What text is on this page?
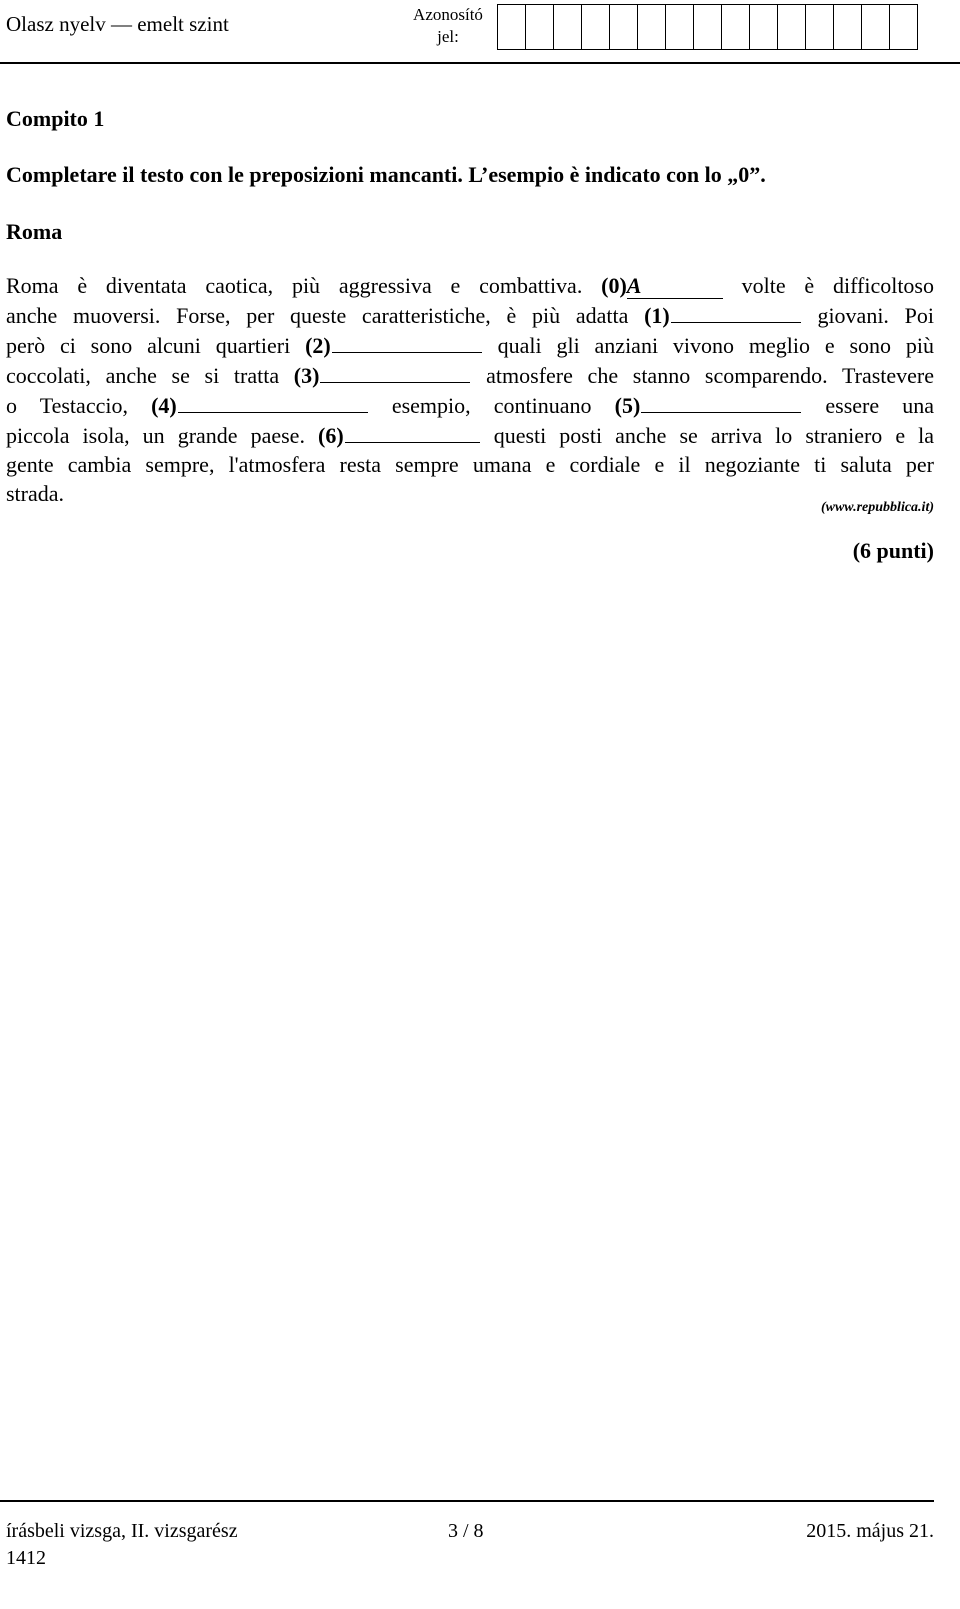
Olasz nyelv — emelt szint	Azonosító
jel:
Compito 1
Completare il testo con le preposizioni mancanti. L’esempio è indicato con lo „0”.
Roma
Roma è diventata caotica, più aggressiva e combattiva. (0)A	volte è difficoltoso
anche muoversi. Forse, per queste caratteristiche, è più adatta (1)	giovani. Poi
però ci sono alcuni quartieri (2)	quali gli anziani vivono meglio e sono più
coccolati, anche se si tratta (3)	atmosfere che stanno scomparendo. Trastevere
o Testaccio, (4)	esempio, continuano (5)	essere una
piccola isola, un grande paese. (6)	questi posti anche se arriva lo straniero e la
gente cambia sempre, l'atmosfera resta sempre umana e cordiale e il negoziante ti saluta per
strada.
(www.repubblica.it)
(6 punti)
írásbeli vizsga, II. vizsgarész
1412
3 / 8	2015. május 21.
